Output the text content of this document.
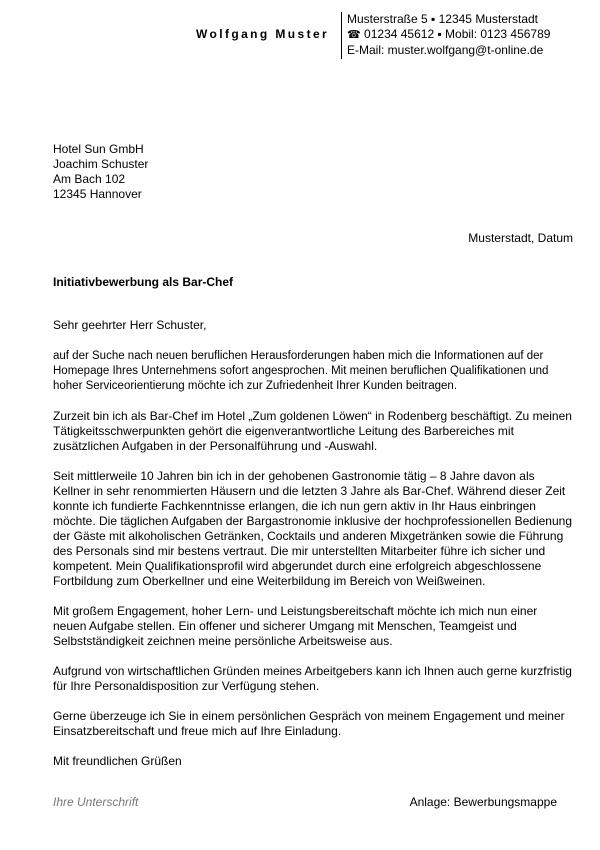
Wolfgang Muster
Musterstraße 5 ▪ 12345 Musterstadt
☎ 01234 45612 ▪ Mobil: 0123 456789
E-Mail: muster.wolfgang@t-online.de
Hotel Sun GmbH
Joachim Schuster
Am Bach 102
12345 Hannover
Musterstadt, Datum
Initiativbewerbung als Bar-Chef

Sehr geehrter Herr Schuster,

auf der Suche nach neuen beruflichen Herausforderungen haben mich die Informationen auf der Homepage Ihres Unternehmens sofort angesprochen. Mit meinen beruflichen Qualifikationen und hoher Serviceorientierung möchte ich zur Zufriedenheit Ihrer Kunden beitragen.

Zurzeit bin ich als Bar-Chef im Hotel „Zum goldenen Löwen“ in Rodenberg beschäftigt. Zu meinen Tätigkeitsschwerpunkten gehört die eigenverantwortliche Leitung des Barbereiches mit zusätzlichen Aufgaben in der Personalführung und -Auswahl.

Seit mittlerweile 10 Jahren bin ich in der gehobenen Gastronomie tätig – 8 Jahre davon als Kellner in sehr renommierten Häusern und die letzten 3 Jahre als Bar-Chef. Während dieser Zeit konnte ich fundierte Fachkenntnisse erlangen, die ich nun gern aktiv in Ihr Haus einbringen möchte. Die täglichen Aufgaben der Bargastronomie inklusive der hochprofessionellen Bedienung der Gäste mit alkoholischen Getränken, Cocktails und anderen Mixgetränken sowie die Führung des Personals sind mir bestens vertraut. Die mir unterstellten Mitarbeiter führe ich sicher und kompetent. Mein Qualifikationsprofil wird abgerundet durch eine erfolgreich abgeschlossene Fortbildung zum Oberkellner und eine Weiterbildung im Bereich von Weißweinen.

Mit großem Engagement, hoher Lern- und Leistungsbereitschaft möchte ich mich nun einer neuen Aufgabe stellen. Ein offener und sicherer Umgang mit Menschen, Teamgeist und Selbstständigkeit zeichnen meine persönliche Arbeitsweise aus.

Aufgrund von wirtschaftlichen Gründen meines Arbeitgebers kann ich Ihnen auch gerne kurzfristig für Ihre Personaldisposition zur Verfügung stehen.

Gerne überzeuge ich Sie in einem persönlichen Gespräch von meinem Engagement und meiner Einsatzbereitschaft und freue mich auf Ihre Einladung.

Mit freundlichen Grüßen

Ihre Unterschrift	Anlage: Bewerbungsmappe
